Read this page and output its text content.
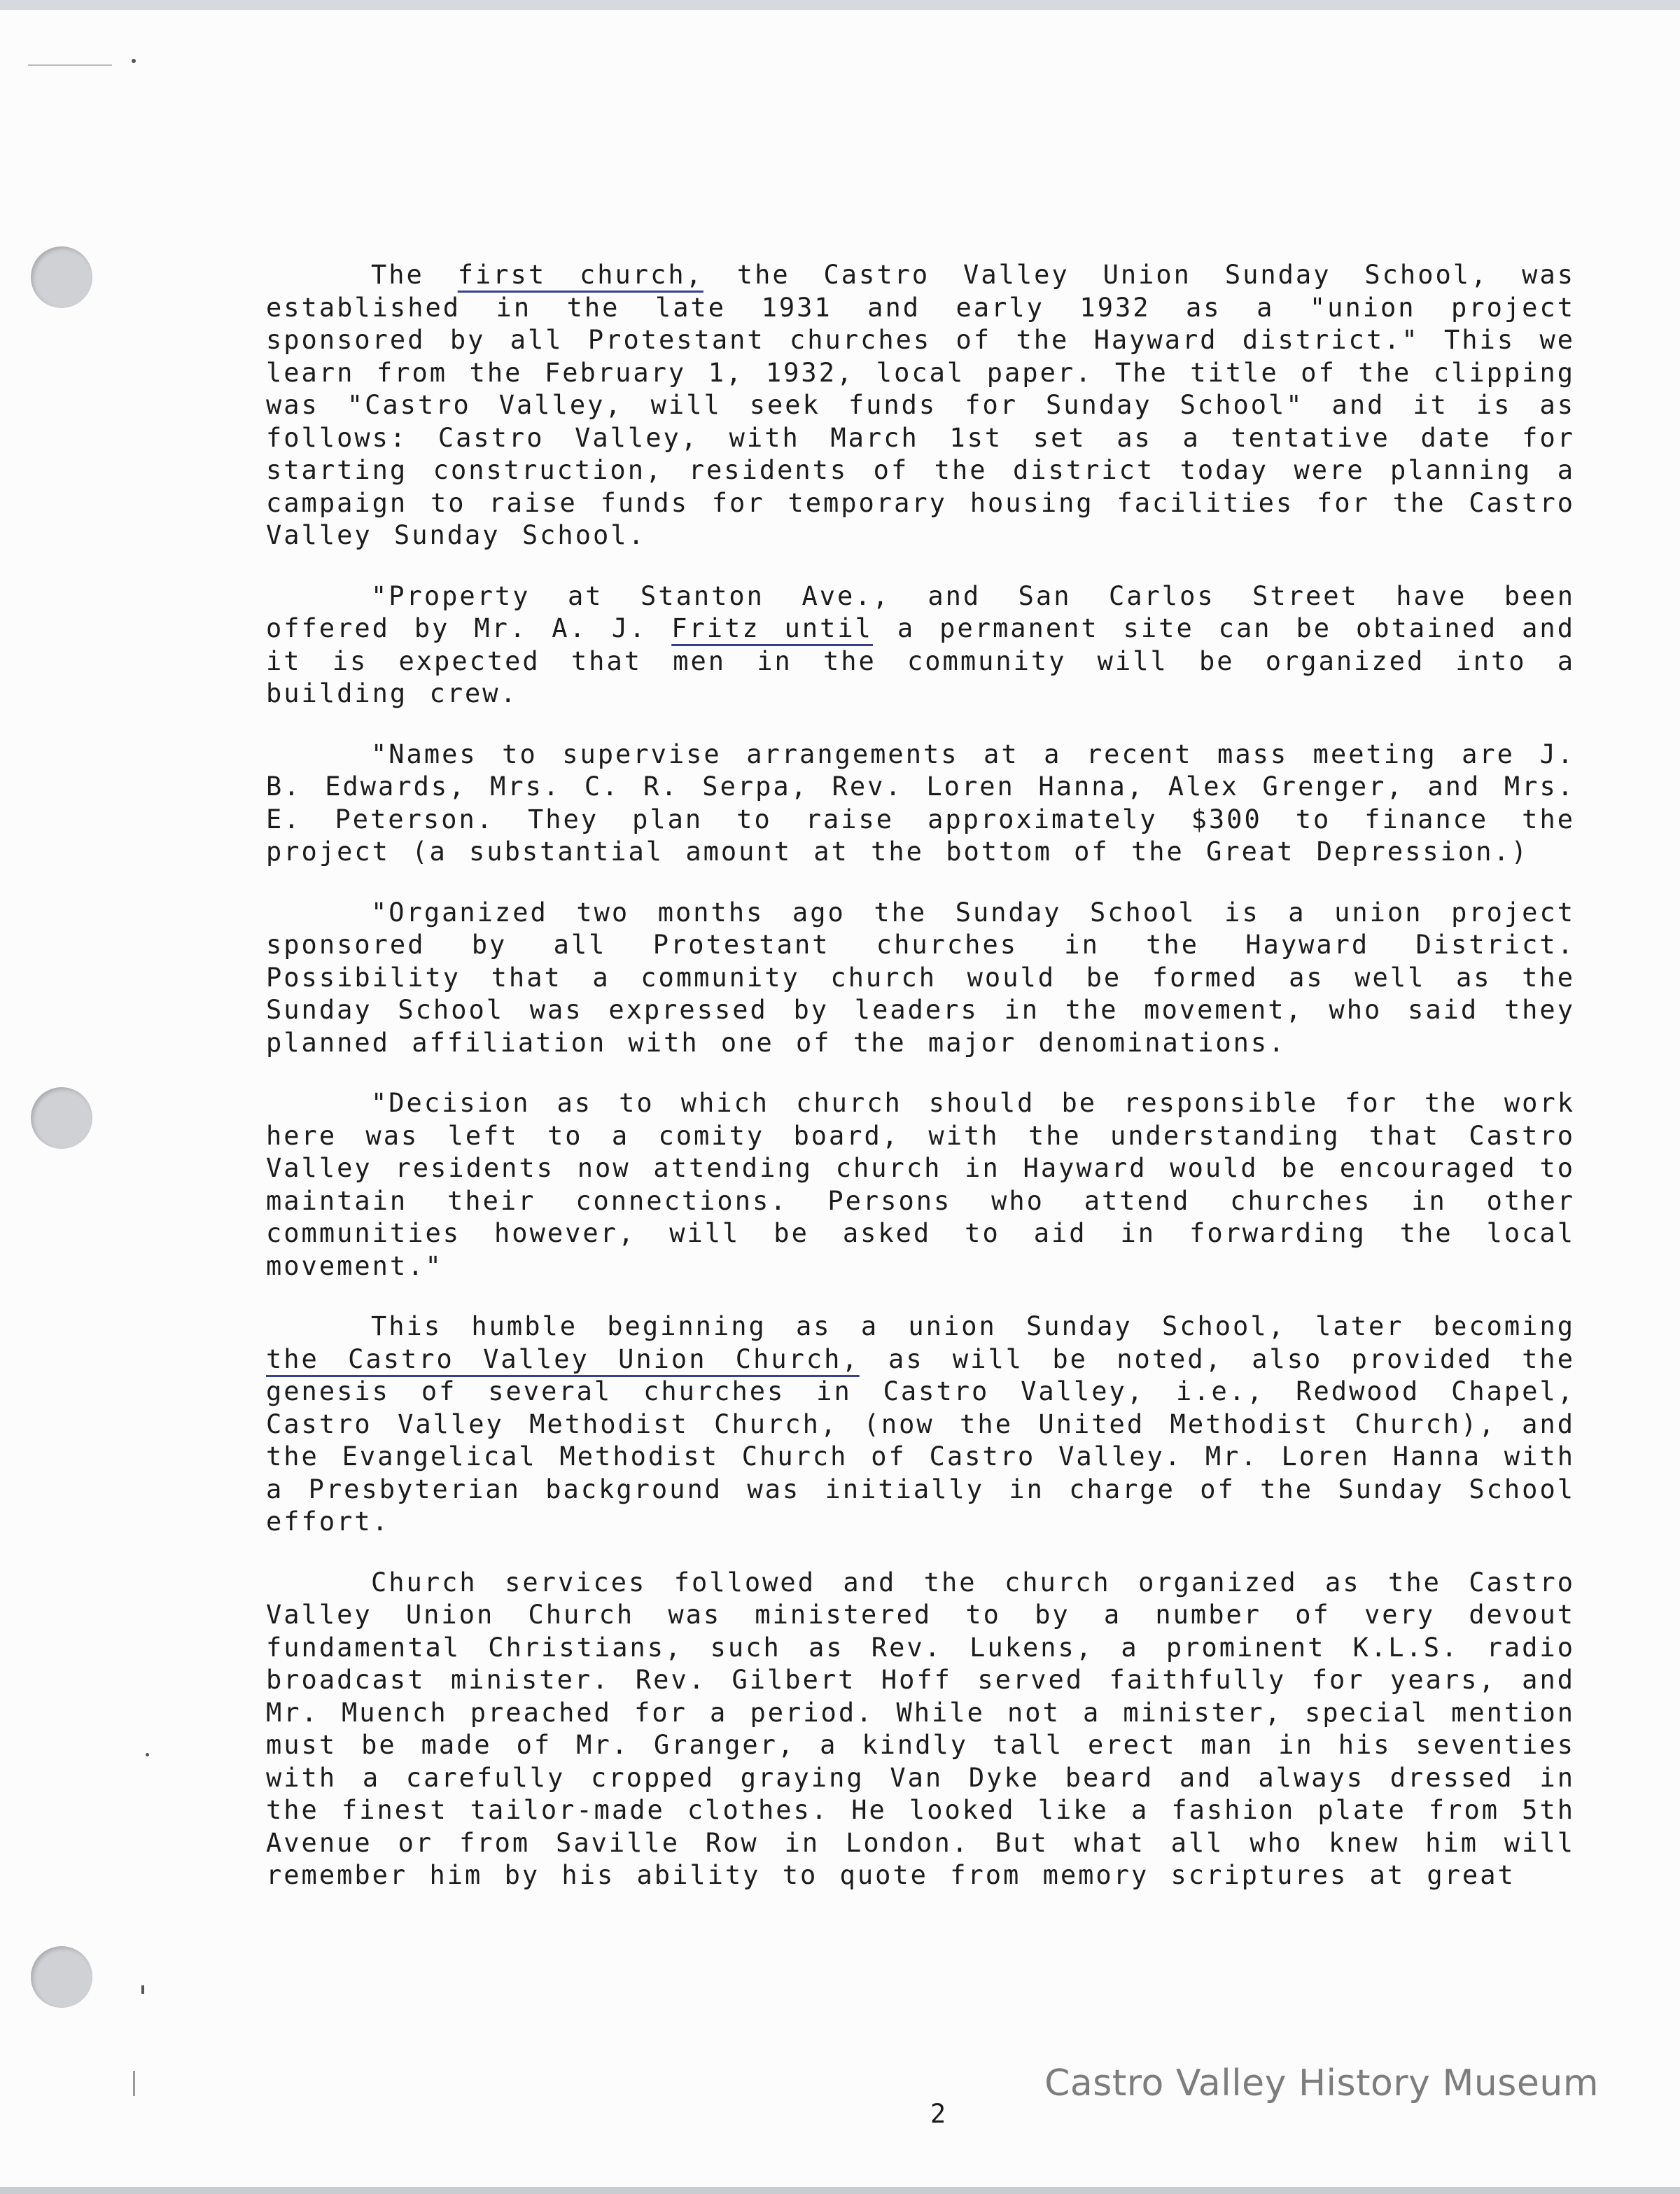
The first church, the Castro Valley Union Sunday School, was established in the late 1931 and early 1932 as a "union project sponsored by all Protestant churches of the Hayward district." This we learn from the February 1, 1932, local paper. The title of the clipping was "Castro Valley, will seek funds for Sunday School" and it is as follows: Castro Valley, with March 1st set as a tentative date for starting construction, residents of the district today were planning a campaign to raise funds for temporary housing facilities for the Castro Valley Sunday School.

"Property at Stanton Ave., and San Carlos Street have been offered by Mr. A. J. Fritz until a permanent site can be obtained and it is expected that men in the community will be organized into a building crew.

"Names to supervise arrangements at a recent mass meeting are J. B. Edwards, Mrs. C. R. Serpa, Rev. Loren Hanna, Alex Grenger, and Mrs. E. Peterson. They plan to raise approximately $300 to finance the project (a substantial amount at the bottom of the Great Depression.)

"Organized two months ago the Sunday School is a union project sponsored by all Protestant churches in the Hayward District. Possibility that a community church would be formed as well as the Sunday School was expressed by leaders in the movement, who said they planned affiliation with one of the major denominations.

"Decision as to which church should be responsible for the work here was left to a comity board, with the understanding that Castro Valley residents now attending church in Hayward would be encouraged to maintain their connections. Persons who attend churches in other communities however, will be asked to aid in forwarding the local movement."

This humble beginning as a union Sunday School, later becoming the Castro Valley Union Church, as will be noted, also provided the genesis of several churches in Castro Valley, i.e., Redwood Chapel, Castro Valley Methodist Church, (now the United Methodist Church), and the Evangelical Methodist Church of Castro Valley. Mr. Loren Hanna with a Presbyterian background was initially in charge of the Sunday School effort.

Church services followed and the church organized as the Castro Valley Union Church was ministered to by a number of very devout fundamental Christians, such as Rev. Lukens, a prominent K.L.S. radio broadcast minister. Rev. Gilbert Hoff served faithfully for years, and Mr. Muench preached for a period. While not a minister, special mention must be made of Mr. Granger, a kindly tall erect man in his seventies with a carefully cropped graying Van Dyke beard and always dressed in the finest tailor-made clothes. He looked like a fashion plate from 5th Avenue or from Saville Row in London. But what all who knew him will remember him by his ability to quote from memory scriptures at great

2
Castro Valley History Museum
